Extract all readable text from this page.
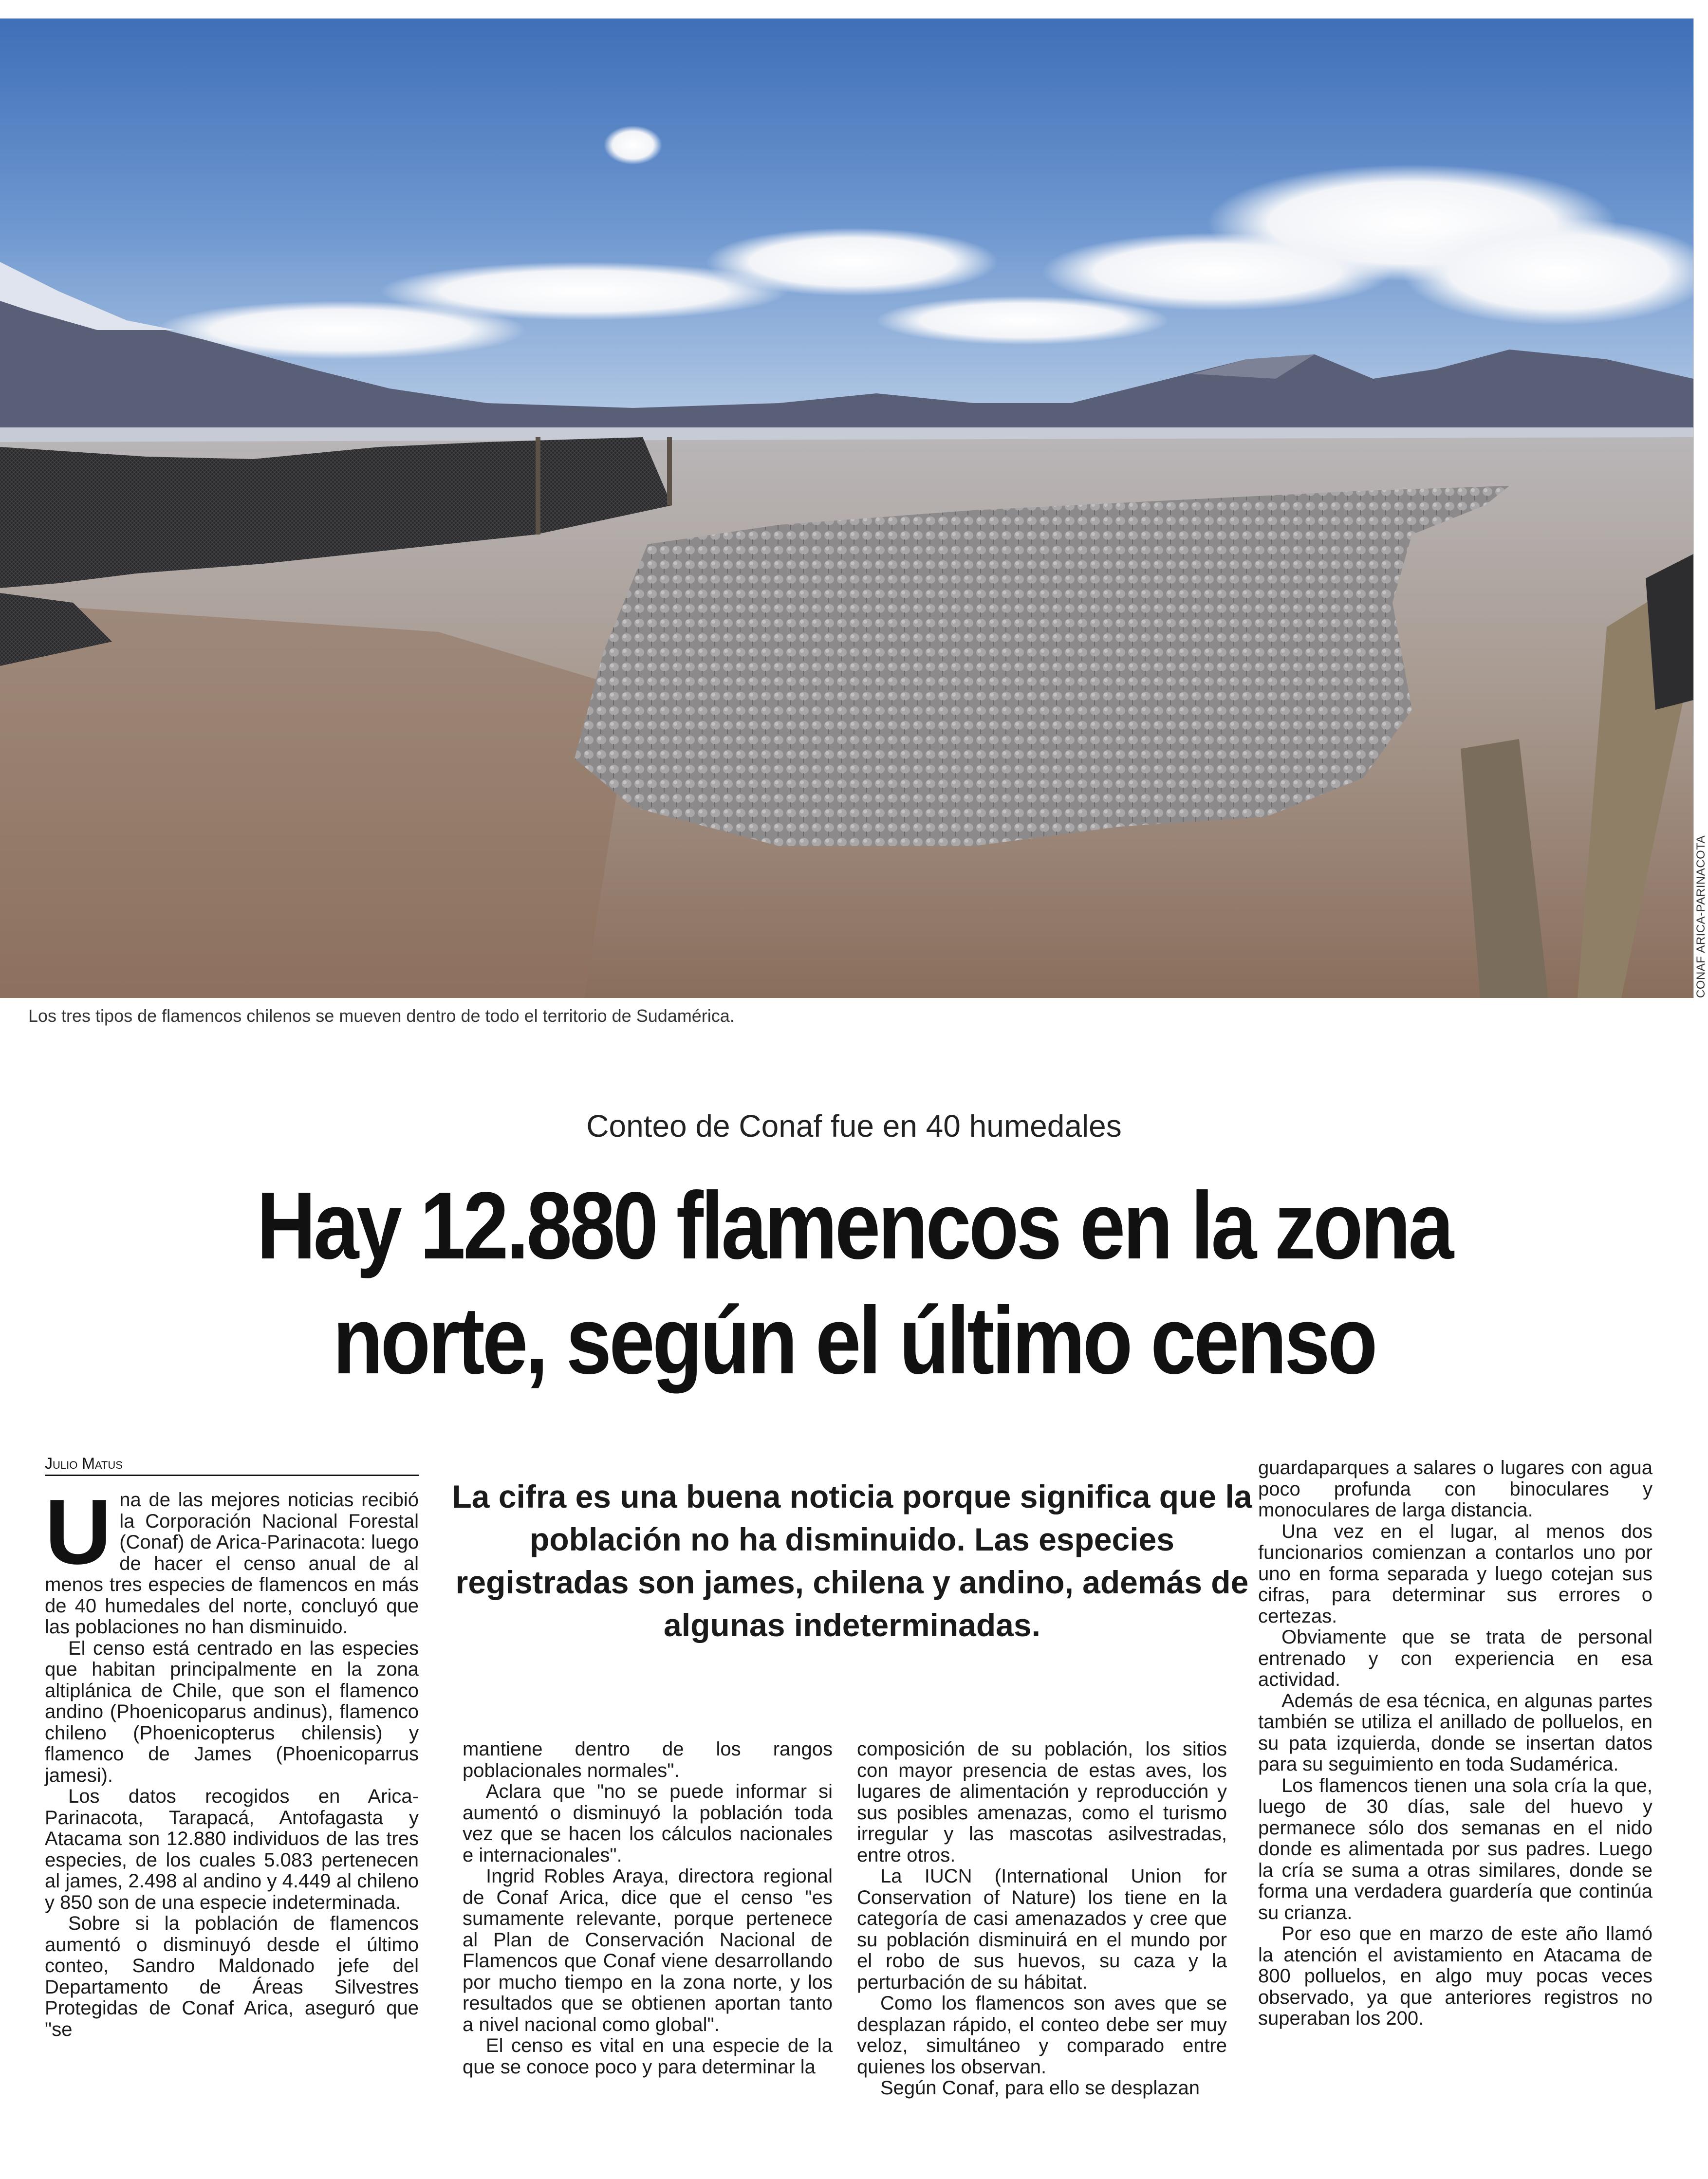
CONAF ARICA-PARINACOTA
Los tres tipos de flamencos chilenos se mueven dentro de todo el territorio de Sudamérica.
Conteo de Conaf fue en 40 humedales
Hay 12.880 flamencos en la zona
norte, según el último censo
Julio Matus
La cifra es una buena noticia porque significa que la población no ha disminuido. Las especies registradas son james, chilena y andino, además de algunas indeterminadas.
U na de las mejores noticias recibió la Corporación Nacional Forestal (Conaf) de Arica-Parinacota: luego de hacer el censo anual de al menos tres especies de flamencos en más de 40 humedales del norte, concluyó que las poblaciones no han disminuido.

El censo está centrado en las especies que habitan principalmente en la zona altiplánica de Chile, que son el flamenco andino (Phoenicoparus andinus), flamenco chileno (Phoenicopterus chilensis) y flamenco de James (Phoenicoparrus jamesi).

Los datos recogidos en Arica-Parinacota, Tarapacá, Antofagasta y Atacama son 12.880 individuos de las tres especies, de los cuales 5.083 pertenecen al james, 2.498 al andino y 4.449 al chileno y 850 son de una especie indeterminada.

Sobre si la población de flamencos aumentó o disminuyó desde el último conteo, Sandro Maldonado jefe del Departamento de Áreas Silvestres Protegidas de Conaf Arica, aseguró que "se

mantiene dentro de los rangos poblacionales normales".

Aclara que "no se puede informar si aumentó o disminuyó la población toda vez que se hacen los cálculos nacionales e internacionales".

Ingrid Robles Araya, directora regional de Conaf Arica, dice que el censo "es sumamente relevante, porque pertenece al Plan de Conservación Nacional de Flamencos que Conaf viene desarrollando por mucho tiempo en la zona norte, y los resultados que se obtienen aportan tanto a nivel nacional como global".

El censo es vital en una especie de la que se conoce poco y para determinar la

composición de su población, los sitios con mayor presencia de estas aves, los lugares de alimentación y reproducción y sus posibles amenazas, como el turismo irregular y las mascotas asilvestradas, entre otros.

La IUCN (International Union for Conservation of Nature) los tiene en la categoría de casi amenazados y cree que su población disminuirá en el mundo por el robo de sus huevos, su caza y la perturbación de su hábitat.

Como los flamencos son aves que se desplazan rápido, el conteo debe ser muy veloz, simultáneo y comparado entre quienes los observan.

Según Conaf, para ello se desplazan

guardaparques a salares o lugares con agua poco profunda con binoculares y monoculares de larga distancia.

Una vez en el lugar, al menos dos funcionarios comienzan a contarlos uno por uno en forma separada y luego cotejan sus cifras, para determinar sus errores o certezas.

Obviamente que se trata de personal entrenado y con experiencia en esa actividad.

Además de esa técnica, en algunas partes también se utiliza el anillado de polluelos, en su pata izquierda, donde se insertan datos para su seguimiento en toda Sudamérica.

Los flamencos tienen una sola cría la que, luego de 30 días, sale del huevo y permanece sólo dos semanas en el nido donde es alimentada por sus padres. Luego la cría se suma a otras similares, donde se forma una verdadera guardería que continúa su crianza.

Por eso que en marzo de este año llamó la atención el avistamiento en Atacama de 800 polluelos, en algo muy pocas veces observado, ya que anteriores registros no superaban los 200.
